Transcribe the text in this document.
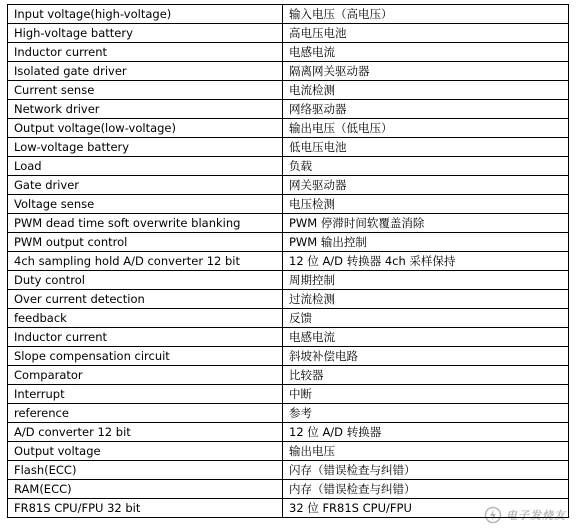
Input voltage(high-voltage)	输入电压（高电压）
High-voltage battery	高电压电池
Inductor current	电感电流
Isolated gate driver	隔离网关驱动器
Current sense	电流检测
Network driver	网络驱动器
Output voltage(low-voltage)	输出电压（低电压）
Low-voltage battery	低电压电池
Load	负载
Gate driver	网关驱动器
Voltage sense	电压检测
PWM dead time soft overwrite blanking	PWM 停滞时间软覆盖消除
PWM output control	PWM 输出控制
4ch sampling hold A/D converter 12 bit	12 位 A/D 转换器 4ch 采样保持
Duty control	周期控制
Over current detection	过流检测
feedback	反馈
Inductor current	电感电流
Slope compensation circuit	斜坡补偿电路
Comparator	比较器
Interrupt	中断
reference	参考
A/D converter 12 bit	12 位 A/D 转换器
Output voltage	输出电压
Flash(ECC)	闪存（错误检查与纠错）
RAM(ECC)	内存（错误检查与纠错）
FR81S CPU/FPU 32 bit	32 位 FR81S CPU/FPU
电子发烧友
